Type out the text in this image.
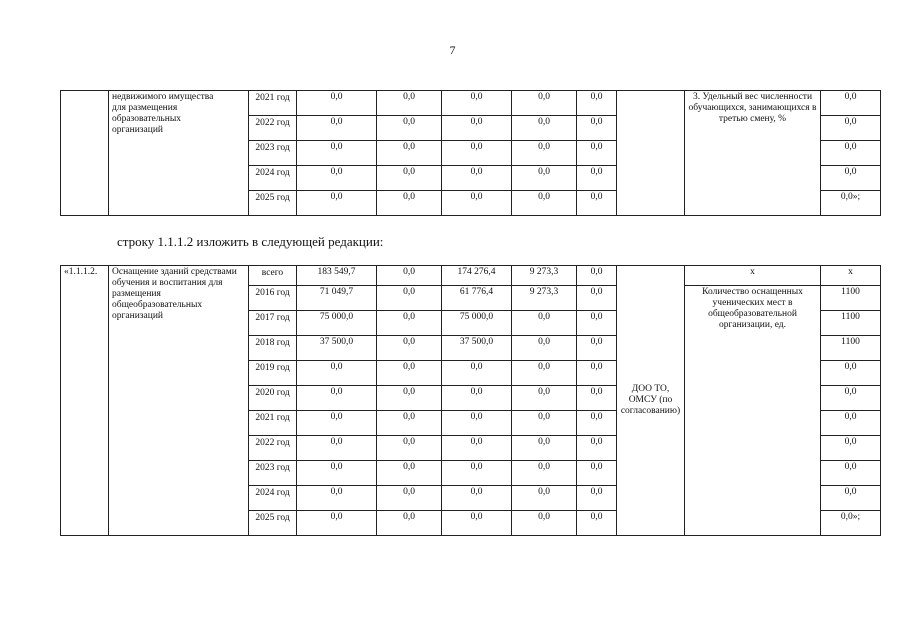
7

	недвижимого имущества
для размещения
образовательных
организаций	2021 год	0,0	0,0	0,0	0,0	0,0		3. Удельный вес численности обучающихся, занимающихся в третью смену, %	0,0
		2022 год	0,0	0,0	0,0	0,0	0,0			0,0
		2023 год	0,0	0,0	0,0	0,0	0,0			0,0
		2024 год	0,0	0,0	0,0	0,0	0,0			0,0
		2025 год	0,0	0,0	0,0	0,0	0,0			0,0»;
строку 1.1.1.2 изложить в следующей редакции:
«1.1.1.2.	Оснащение зданий средствами обучения и воспитания для размещения общеобразовательных организаций	всего	183 549,7	0,0	174 276,4	9 273,3	0,0	ДОО ТО, ОМСУ (по согласованию)	x	x
		2016 год	71 049,7	0,0	61 776,4	9 273,3	0,0		Количество оснащенных ученических мест в общеобразовательной организации, ед.	1100
		2017 год	75 000,0	0,0	75 000,0	0,0	0,0			1100
		2018 год	37 500,0	0,0	37 500,0	0,0	0,0			1100
		2019 год	0,0	0,0	0,0	0,0	0,0			0,0
		2020 год	0,0	0,0	0,0	0,0	0,0			0,0
		2021 год	0,0	0,0	0,0	0,0	0,0			0,0
		2022 год	0,0	0,0	0,0	0,0	0,0			0,0
		2023 год	0,0	0,0	0,0	0,0	0,0			0,0
		2024 год	0,0	0,0	0,0	0,0	0,0			0,0
		2025 год	0,0	0,0	0,0	0,0	0,0			0,0»;
